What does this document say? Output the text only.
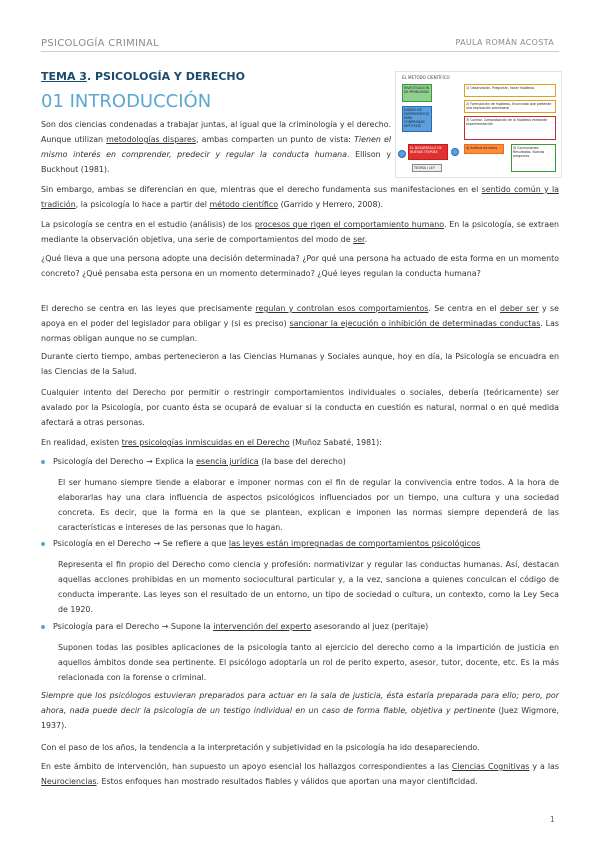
PSICOLOGÍA CRIMINAL	PAULA ROMÁN ACOSTA
TEMA 3. PSICOLOGÍA Y DERECHO
01 INTRODUCCIÓN
EL MÉTODO CIENTÍFICO
INVESTIGACIÓN DE PROBLEMAS
1) Observación. Preguntar, hacer hipótesis
2) Formulación de hipótesis. Enunciado que pretende una explicación provisional
DISEÑO DE EXPERIMENTOS PARA COMPROBAR HIPÓTESIS
3) Control. Comprobación de la hipótesis mediante experimentación
4) Análisis de datos	5) Conclusiones. Resultados. Nuevas preguntas
EL DESARROLLO DE NUEVAS TEORÍAS
TEORÍA / LEY
Son dos ciencias condenadas a trabajar juntas, al igual que la criminología y el derecho. Aunque utilizan metodologías dispares, ambas comparten un punto de vista: Tienen el mismo interés en comprender, predecir y regular la conducta humana. Ellison y Buckhout (1981).
Sin embargo, ambas se diferencian en que, mientras que el derecho fundamenta sus manifestaciones en el sentido común y la tradición, la psicología lo hace a partir del método científico (Garrido y Herrero, 2008).
La psicología se centra en el estudio (análisis) de los procesos que rigen el comportamiento humano. En la psicología, se extraen mediante la observación objetiva, una serie de comportamientos del modo de ser.
¿Qué lleva a que una persona adopte una decisión determinada? ¿Por qué una persona ha actuado de esta forma en un momento concreto? ¿Qué pensaba esta persona en un momento determinado? ¿Qué leyes regulan la conducta humana?
El derecho se centra en las leyes que precisamente regulan y controlan esos comportamientos. Se centra en el deber ser y se apoya en el poder del legislador para obligar y (si es preciso) sancionar la ejecución o inhibición de determinadas conductas. Las normas obligan aunque no se cumplan.
Durante cierto tiempo, ambas pertenecieron a las Ciencias Humanas y Sociales aunque, hoy en día, la Psicología se encuadra en las Ciencias de la Salud.
Cualquier intento del Derecho por permitir o restringir comportamientos individuales o sociales, debería (teóricamente) ser avalado por la Psicología, por cuanto ésta se ocupará de evaluar si la conducta en cuestión es natural, normal o en qué medida afectará a otras personas.
En realidad, existen tres psicologías inmiscuidas en el Derecho (Muñoz Sabaté, 1981):
Psicología del Derecho → Explica la esencia jurídica (la base del derecho)
El ser humano siempre tiende a elaborar e imponer normas con el fin de regular la convivencia entre todos. A la hora de elaborarlas hay una clara influencia de aspectos psicológicos influenciados por un tiempo, una cultura y una sociedad concreta. Es decir, que la forma en la que se plantean, explican e imponen las normas siempre dependerá de las características e intereses de las personas que lo hagan.
Psicología en el Derecho → Se refiere a que las leyes están impregnadas de comportamientos psicológicos
Representa el fin propio del Derecho como ciencia y profesión: normativizar y regular las conductas humanas. Así, destacan aquellas acciones prohibidas en un momento sociocultural particular y, a la vez, sanciona a quienes conculcan el código de conducta imperante. Las leyes son el resultado de un entorno, un tipo de sociedad o cultura, un contexto, como la Ley Seca de 1920.
Psicología para el Derecho → Supone la intervención del experto asesorando al juez (peritaje)
Suponen todas las posibles aplicaciones de la psicología tanto al ejercicio del derecho como a la impartición de justicia en aquellos ámbitos donde sea pertinente. El psicólogo adoptaría un rol de perito experto, asesor, tutor, docente, etc. Es la más relacionada con la forense o criminal.
Siempre que los psicólogos estuvieran preparados para actuar en la sala de justicia, ésta estaría preparada para ello; pero, por ahora, nada puede decir la psicología de un testigo individual en un caso de forma fiable, objetiva y pertinente (Juez Wigmore, 1937).
Con el paso de los años, la tendencia a la interpretación y subjetividad en la psicología ha ido desapareciendo.
En este ámbito de intervención, han supuesto un apoyo esencial los hallazgos correspondientes a las Ciencias Cognitivas y a las Neurociencias. Estos enfoques han mostrado resultados fiables y válidos que aportan una mayor cientificidad.
1
